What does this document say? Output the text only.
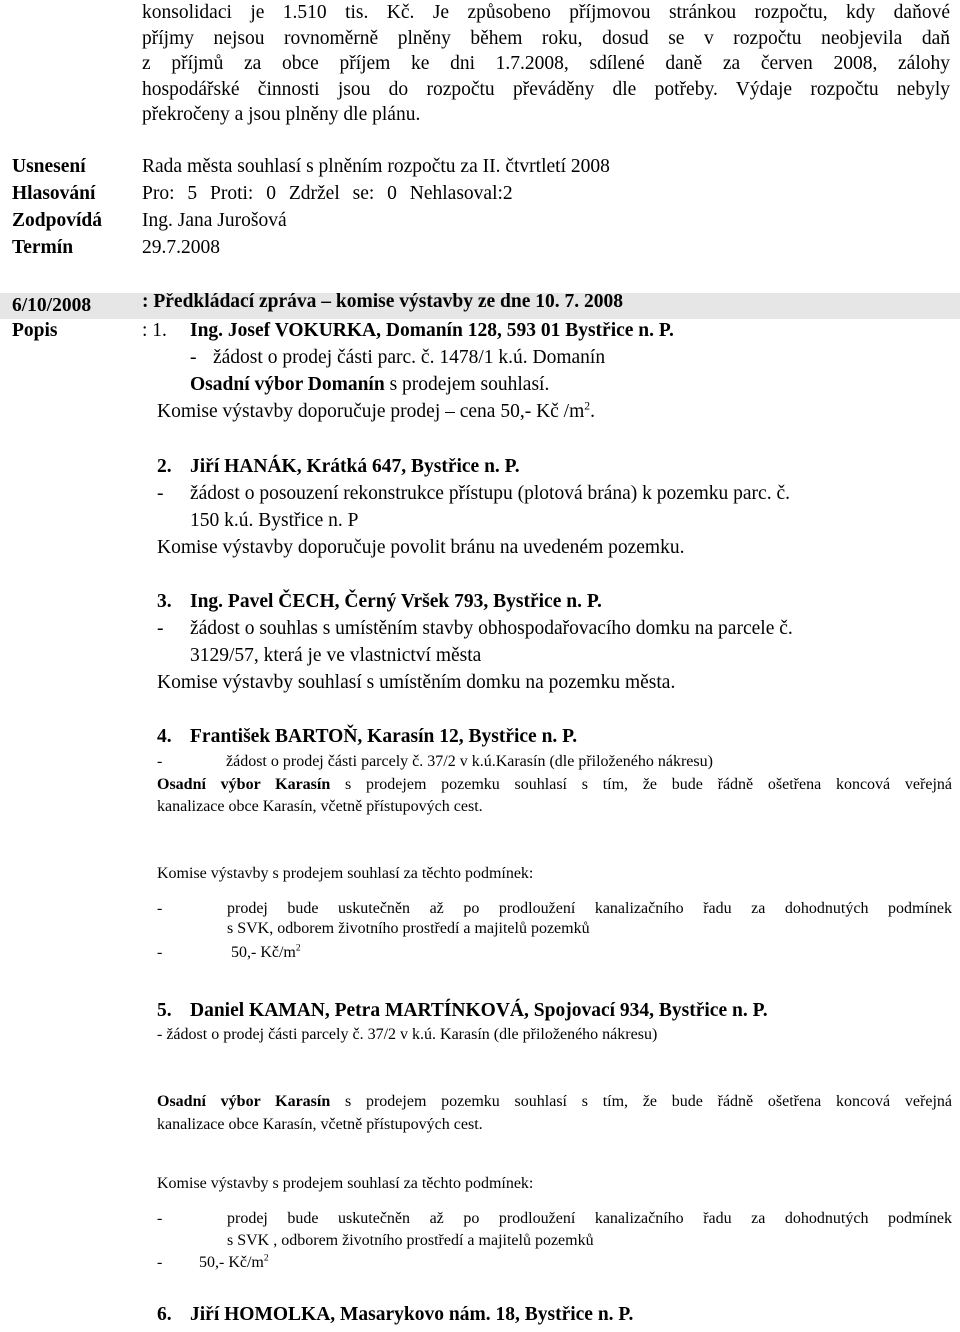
konsolidaci je 1.510 tis. Kč. Je způsobeno příjmovou stránkou rozpočtu, kdy daňové
příjmy nejsou rovnoměrně plněny během roku, dosud se v rozpočtu neobjevila daň
z příjmů za obce příjem ke dni 1.7.2008, sdílené daně za červen 2008, zálohy
hospodářské činnosti jsou do rozpočtu převáděny dle potřeby. Výdaje rozpočtu nebyly
překročeny a jsou plněny dle plánu.
Usnesení	Rada města souhlasí s plněním rozpočtu za II. čtvrtletí 2008
Hlasování Pro: 5 Proti: 0 Zdržel se: 0 Nehlasoval:2
Zodpovídá Ing. Jana Jurošová
Termín	29.7.2008
6/10/2008	: Předkládací zpráva – komise výstavby ze dne 10. 7. 2008
Popis	: 1. Ing. Josef VOKURKA, Domanín 128, 593 01 Bystřice n. P.
- žádost o prodej části parc. č. 1478/1 k.ú. Domanín
Osadní výbor Domanín s prodejem souhlasí.
Komise výstavby doporučuje prodej – cena 50,- Kč $/m^2$.
2. Jiří HANÁK, Krátká 647, Bystřice n. P.
- žádost o posouzení rekonstrukce přístupu (plotová brána) k pozemku parc. č.
150 k.ú. Bystřice n. P
Komise výstavby doporučuje povolit bránu na uvedeném pozemku.
3. Ing. Pavel ČECH, Černý Vršek 793, Bystřice n. P.
- žádost o souhlas s umístěním stavby obhospodařovacího domku na parcele č.
3129/57, která je ve vlastnictví města
Komise výstavby souhlasí s umístěním domku na pozemku města.
4. František BARTOŇ, Karasín 12, Bystřice n. P.
-	žádost o prodej části parcely č. 37/2 v k.ú.Karasín (dle přiloženého nákresu)
Osadní výbor Karasín s prodejem pozemku souhlasí s tím, že bude řádně ošetřena koncová veřejná
kanalizace obce Karasín, včetně přístupových cest.
Komise výstavby s prodejem souhlasí za těchto podmínek:
-	prodej bude uskutečněn až po prodloužení kanalizačního řadu za dohodnutých podmínek
s SVK, odborem životního prostředí a majitelů pozemků
-	50,- $Kč/m^2$
5. Daniel KAMAN, Petra MARTÍNKOVÁ, Spojovací 934, Bystřice n. P.
- žádost o prodej části parcely č. 37/2 v k.ú. Karasín (dle přiloženého nákresu)
Osadní výbor Karasín s prodejem pozemku souhlasí s tím, že bude řádně ošetřena koncová veřejná
kanalizace obce Karasín, včetně přístupových cest.
Komise výstavby s prodejem souhlasí za těchto podmínek:
-	prodej bude uskutečněn až po prodloužení kanalizačního řadu za dohodnutých podmínek
s SVK , odborem životního prostředí a majitelů pozemků
- 50,- $Kč/m^2$
6. Jiří HOMOLKA, Masarykovo nám. 18, Bystřice n. P.
